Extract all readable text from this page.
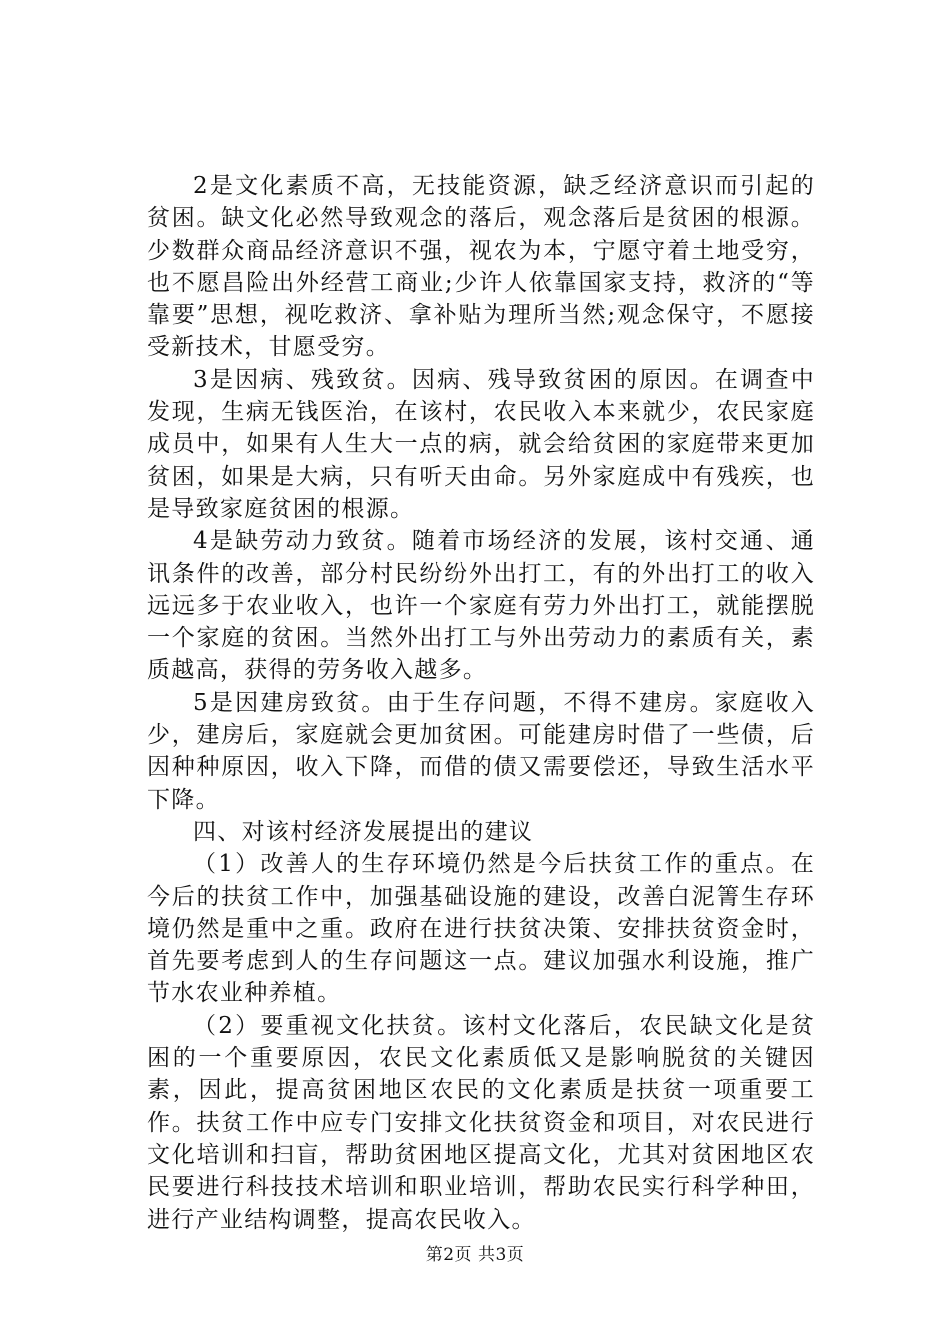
2是文化素质不高，无技能资源，缺乏经济意识而引起的贫困。缺文化必然导致观念的落后，观念落后是贫困的根源。少数群众商品经济意识不强，视农为本，宁愿守着土地受穷，也不愿昌险出外经营工商业;少许人依靠国家支持，救济的“等靠要”思想，视吃救济、拿补贴为理所当然;观念保守，不愿接受新技术，甘愿受穷。

3是因病、残致贫。因病、残导致贫困的原因。在调查中发现，生病无钱医治，在该村，农民收入本来就少，农民家庭成员中，如果有人生大一点的病，就会给贫困的家庭带来更加贫困，如果是大病，只有听天由命。另外家庭成中有残疾，也是导致家庭贫困的根源。

4是缺劳动力致贫。随着市场经济的发展，该村交通、通讯条件的改善，部分村民纷纷外出打工，有的外出打工的收入远远多于农业收入，也许一个家庭有劳力外出打工，就能摆脱一个家庭的贫困。当然外出打工与外出劳动力的素质有关，素质越高，获得的劳务收入越多。

5是因建房致贫。由于生存问题，不得不建房。家庭收入少，建房后，家庭就会更加贫困。可能建房时借了一些债，后因种种原因，收入下降，而借的债又需要偿还，导致生活水平下降。

四、对该村经济发展提出的建议

（1）改善人的生存环境仍然是今后扶贫工作的重点。在今后的扶贫工作中，加强基础设施的建设，改善白泥箐生存环境仍然是重中之重。政府在进行扶贫决策、安排扶贫资金时，首先要考虑到人的生存问题这一点。建议加强水利设施，推广节水农业种养植。

（2）要重视文化扶贫。该村文化落后，农民缺文化是贫困的一个重要原因，农民文化素质低又是影响脱贫的关键因素，因此，提高贫困地区农民的文化素质是扶贫一项重要工作。扶贫工作中应专门安排文化扶贫资金和项目，对农民进行文化培训和扫盲，帮助贫困地区提高文化，尤其对贫困地区农民要进行科技技术培训和职业培训，帮助农民实行科学种田，进行产业结构调整，提高农民收入。

第2页 共3页
